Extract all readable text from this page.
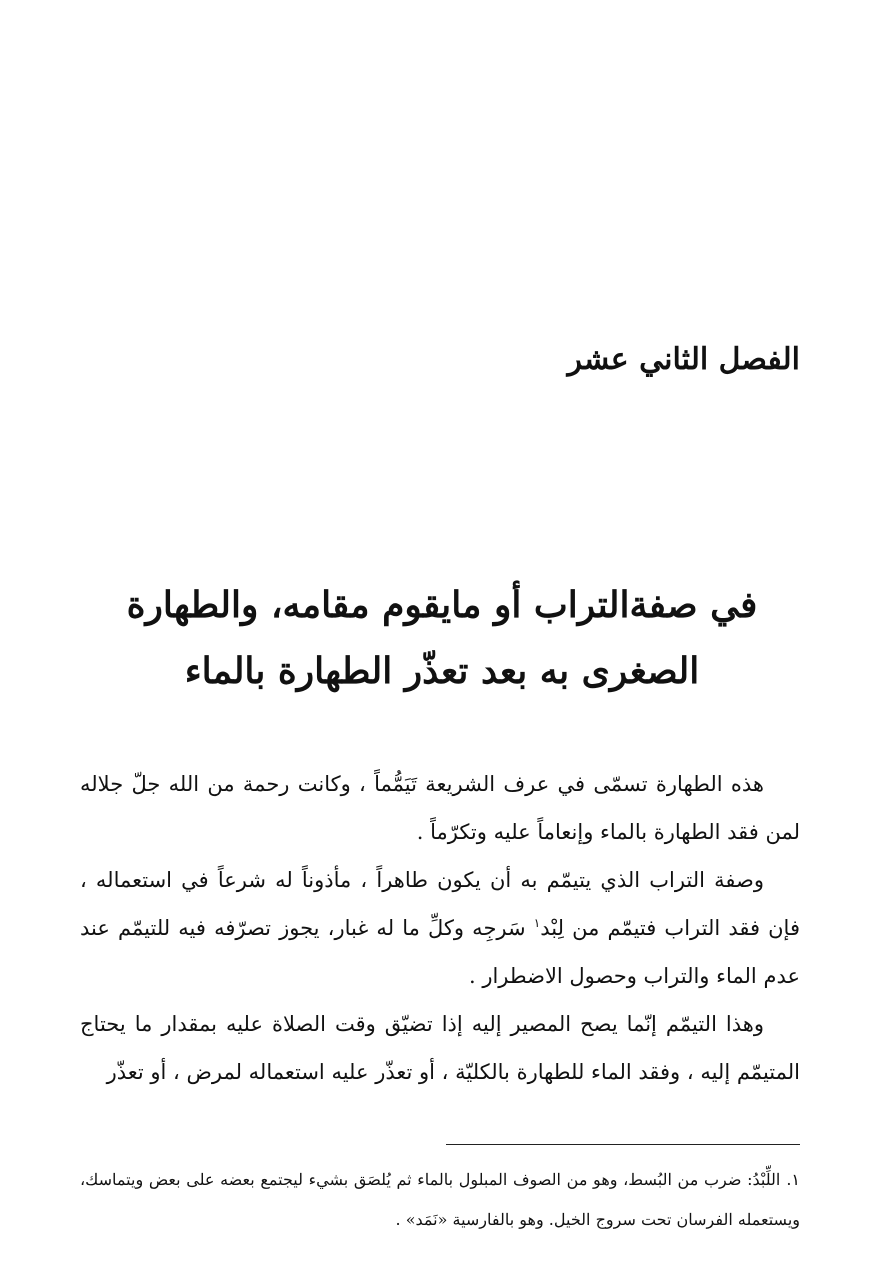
الفصل الثاني عشر
في صفةالتراب أو مايقوم مقامه، والطهارة
الصغرى به بعد تعذّر الطهارة بالماء

هذه الطهارة تسمّى في عرف الشريعة تَيَمُّماً ، وكانت رحمة من الله جلّ جلاله لمن فقد الطهارة بالماء وإنعاماً عليه وتكرّماً .

وصفة التراب الذي يتيمّم به أن يكون طاهراً ، مأذوناً له شرعاً في استعماله ، فإن فقد التراب فتيمّم من لِبْد$^١$ سَرجِه وكلِّ ما له غبار، يجوز تصرّفه فيه للتيمّم عند عدم الماء والتراب وحصول الاضطرار .

وهذا التيمّم إنّما يصح المصير إليه إذا تضيّق وقت الصلاة عليه بمقدار ما يحتاج المتيمّم إليه ، وفقد الماء للطهارة بالكليّة ، أو تعذّر عليه استعماله لمرض ، أو تعذّر

١.اللِّبْدُ: ضرب من البُسط، وهو من الصوف المبلول بالماء ثم يُلصَق بشيء ليجتمع بعضه على بعض ويتماسك، ويستعمله الفرسان تحت سروج الخيل. وهو بالفارسية «نَمَد» .
